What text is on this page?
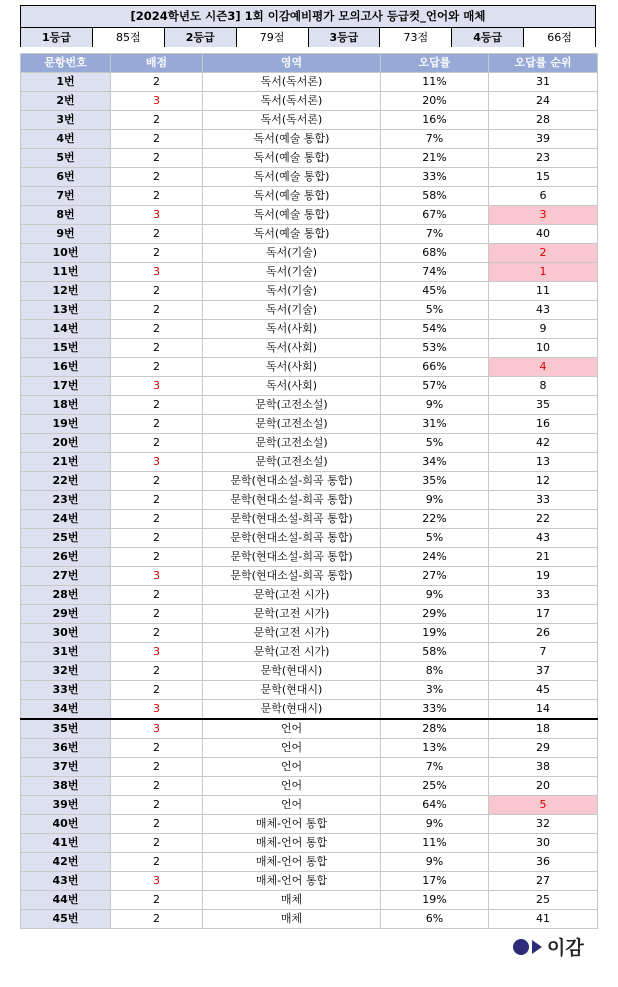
[2024학년도 시즌3] 1회 이감예비평가 모의고사 등급컷_언어와 매체
1등급	85점	2등급	79점	3등급	73점	4등급	66점
문항번호	배점	영역	오답률	오답률 순위
1번	2	독서(독서론)	11%	31
2번	3	독서(독서론)	20%	24
3번	2	독서(독서론)	16%	28
4번	2	독서(예술 통합)	7%	39
5번	2	독서(예술 통합)	21%	23
6번	2	독서(예술 통합)	33%	15
7번	2	독서(예술 통합)	58%	6
8번	3	독서(예술 통합)	67%	3
9번	2	독서(예술 통합)	7%	40
10번	2	독서(기술)	68%	2
11번	3	독서(기술)	74%	1
12번	2	독서(기술)	45%	11
13번	2	독서(기술)	5%	43
14번	2	독서(사회)	54%	9
15번	2	독서(사회)	53%	10
16번	2	독서(사회)	66%	4
17번	3	독서(사회)	57%	8
18번	2	문학(고전소설)	9%	35
19번	2	문학(고전소설)	31%	16
20번	2	문학(고전소설)	5%	42
21번	3	문학(고전소설)	34%	13
22번	2	문학(현대소설-희곡 통합)	35%	12
23번	2	문학(현대소설-희곡 통합)	9%	33
24번	2	문학(현대소설-희곡 통합)	22%	22
25번	2	문학(현대소설-희곡 통합)	5%	43
26번	2	문학(현대소설-희곡 통합)	24%	21
27번	3	문학(현대소설-희곡 통합)	27%	19
28번	2	문학(고전 시가)	9%	33
29번	2	문학(고전 시가)	29%	17
30번	2	문학(고전 시가)	19%	26
31번	3	문학(고전 시가)	58%	7
32번	2	문학(현대시)	8%	37
33번	2	문학(현대시)	3%	45
34번	3	문학(현대시)	33%	14
35번	3	언어	28%	18
36번	2	언어	13%	29
37번	2	언어	7%	38
38번	2	언어	25%	20
39번	2	언어	64%	5
40번	2	매체-언어 통합	9%	32
41번	2	매체-언어 통합	11%	30
42번	2	매체-언어 통합	9%	36
43번	3	매체-언어 통합	17%	27
44번	2	매체	19%	25
45번	2	매체	6%	41
이감
